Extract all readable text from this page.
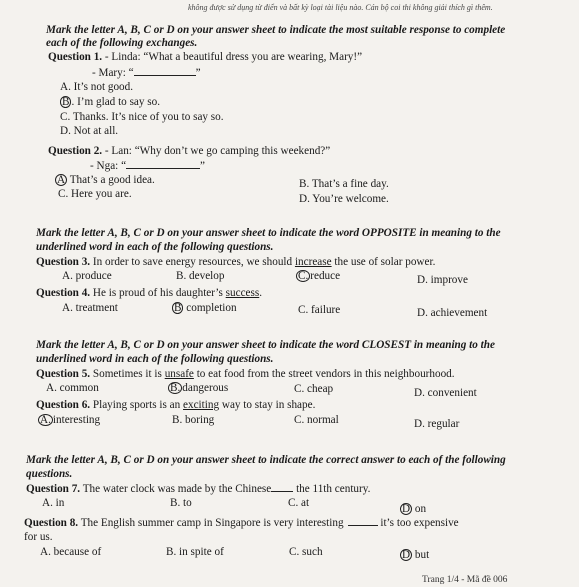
không được sử dụng từ điển và bất kỳ loại tài liệu nào. Cán bộ coi thi không giải thích gì thêm.
Mark the letter A, B, C or D on your answer sheet to indicate the most suitable response to complete
each of the following exchanges.
Question 1. - Linda: “What a beautiful dress you are wearing, Mary!”
- Mary: “	”
A. It’s not good.
B . I’m glad to say so.
C. Thanks. It’s nice of you to say so.
D. Not at all.
Question 2. - Lan: “Why don’t we go camping this weekend?”
- Nga: “	”
A That’s a good idea.	B. That’s a fine day.
C. Here you are.	D. You’re welcome.
Mark the letter A, B, C or D on your answer sheet to indicate the word OPPOSITE in meaning to the
underlined word in each of the following questions.
Question 3. In order to save energy resources, we should increase the use of solar power.
A. produce	B. develop	C. reduce	D. improve
Question 4. He is proud of his daughter’s success.
A. treatment	B completion	C. failure	D. achievement
Mark the letter A, B, C or D on your answer sheet to indicate the word CLOSEST in meaning to the
underlined word in each of the following questions.
Question 5. Sometimes it is unsafe to eat food from the street vendors in this neighbourhood.
A. common	B. dangerous	C. cheap	D. convenient
Question 6. Playing sports is an exciting way to stay in shape.
A. interesting	B. boring	C. normal	D. regular
Mark the letter A, B, C or D on your answer sheet to indicate the correct answer to each of the following
questions.
Question 7. The water clock was made by the Chinese the 11th century.
A. in	B. to	C. at	D on
Question 8. The English summer camp in Singapore is very interesting	it’s too expensive
for us.
A. because of	B. in spite of	C. such	D but
Trang 1/4 - Mã đề 006
